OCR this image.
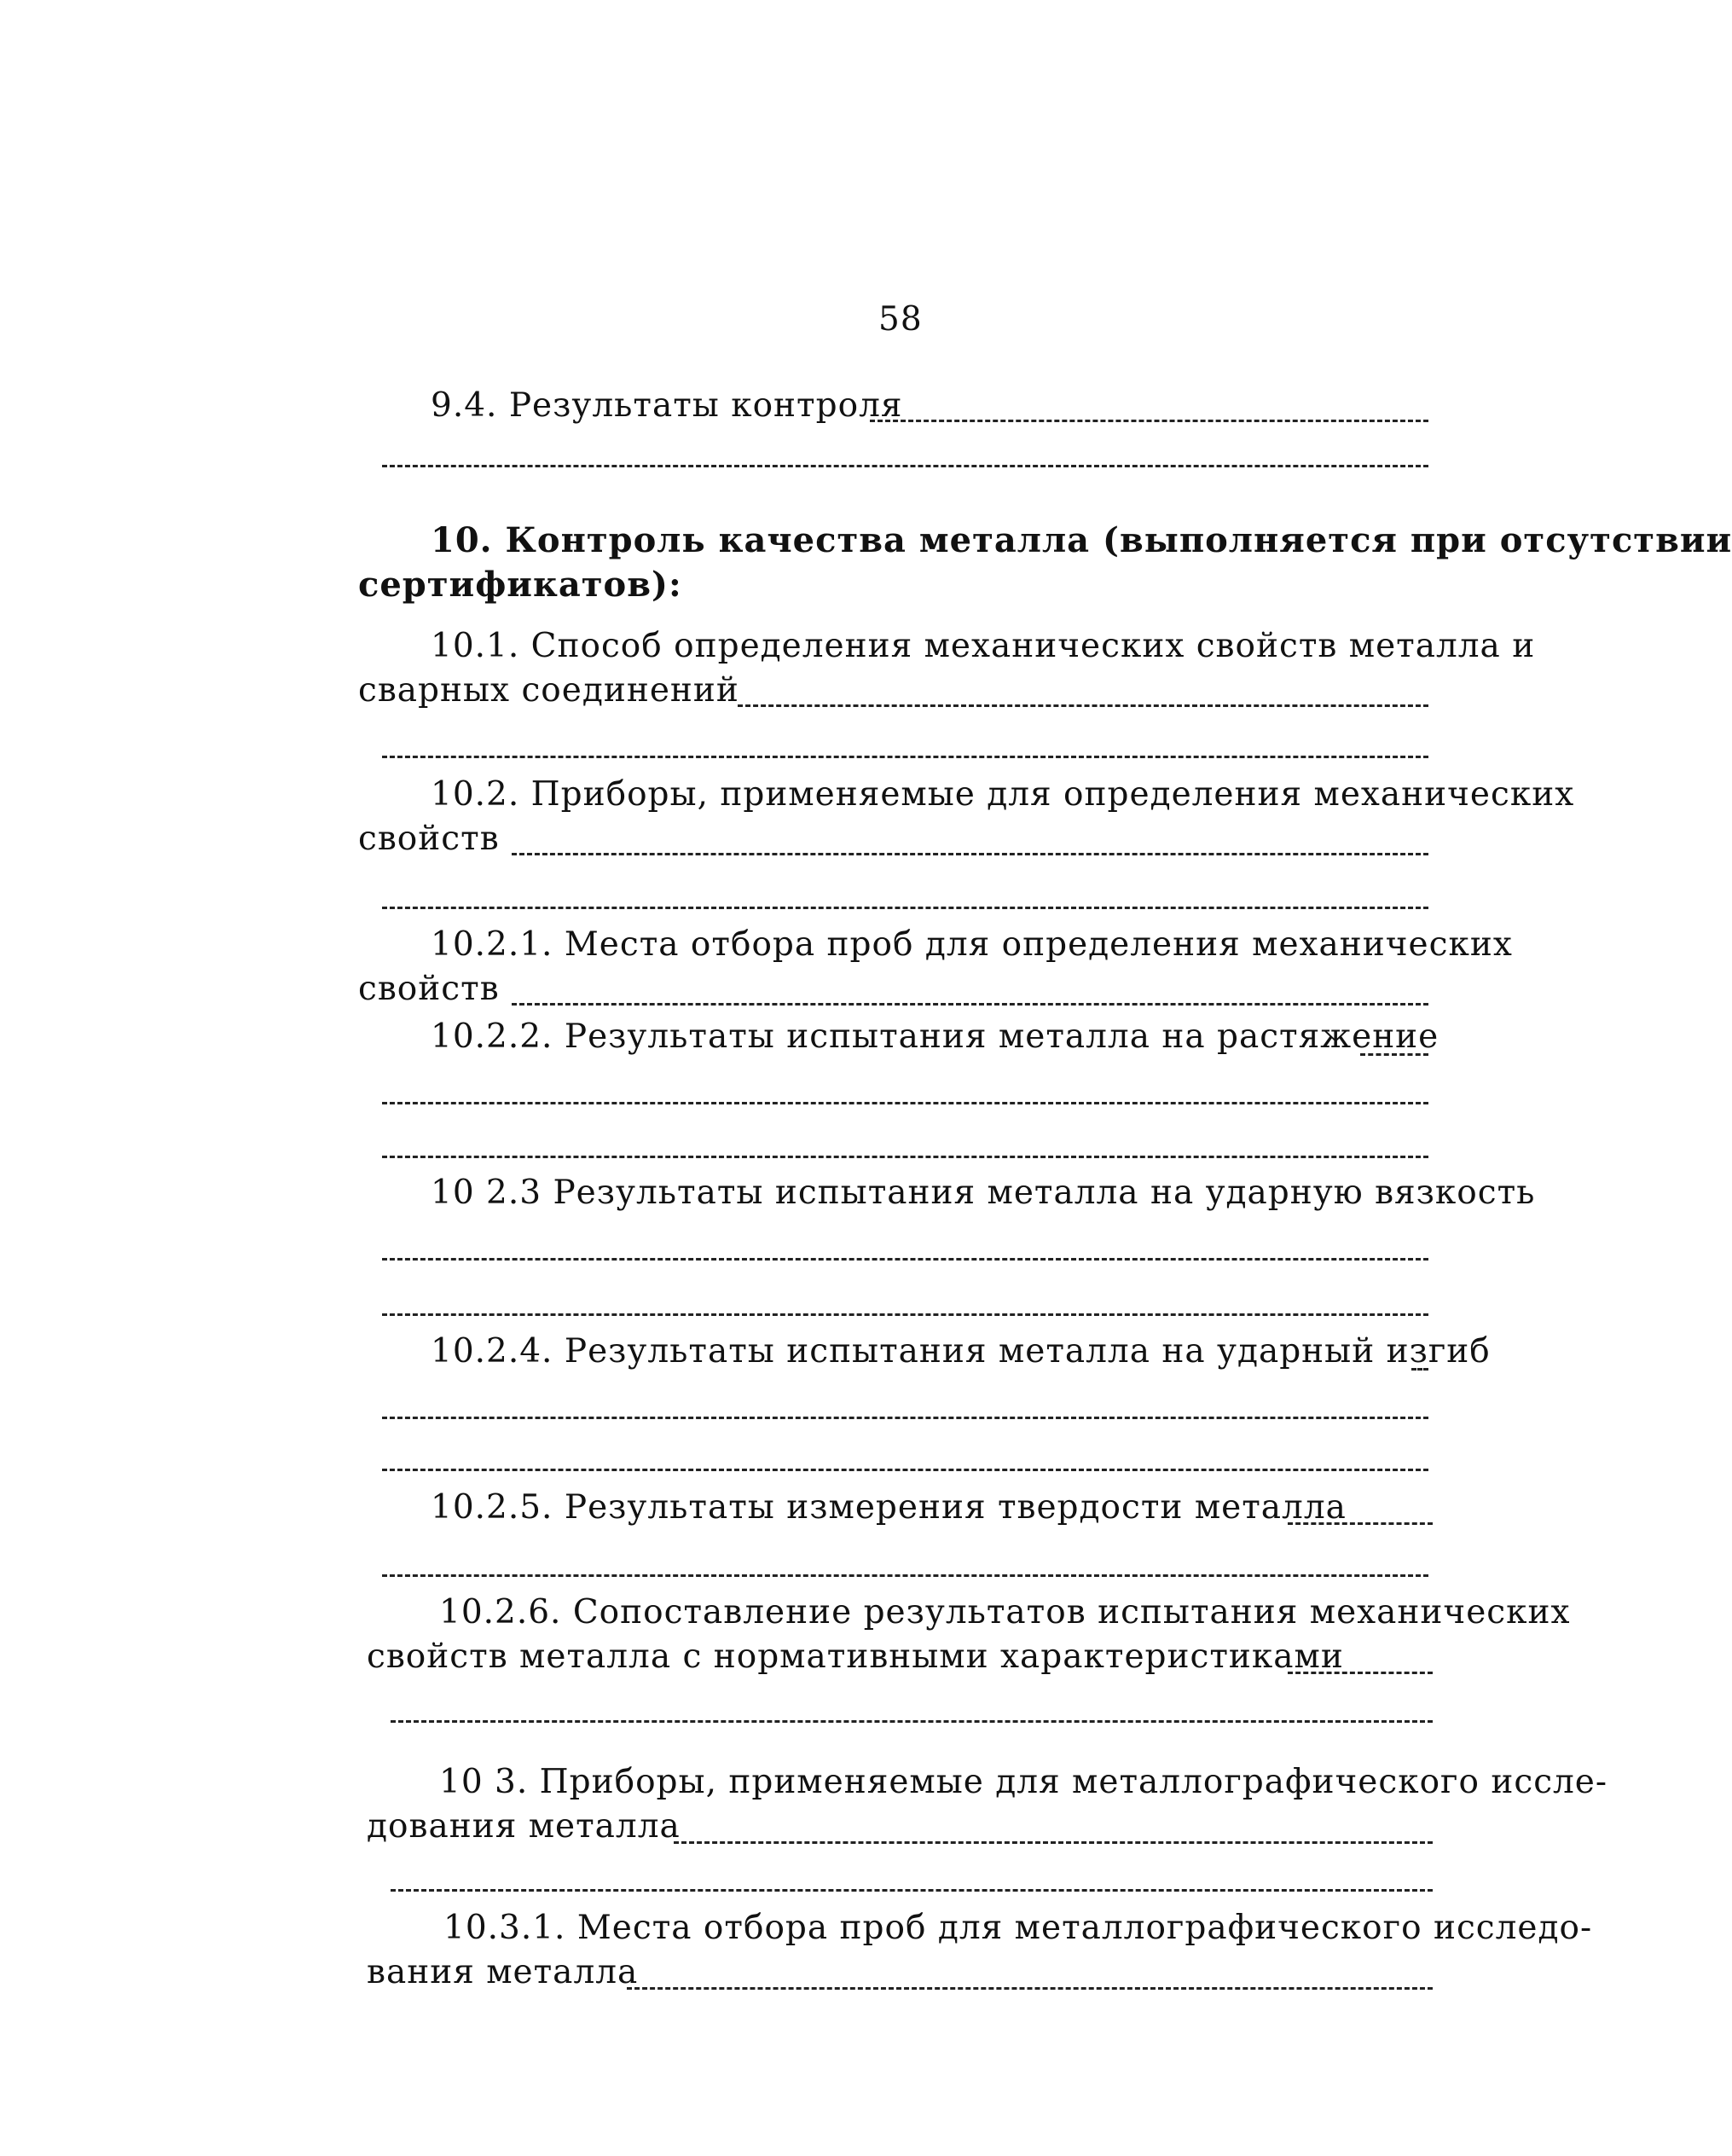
58
9.4. Результаты контроля
10. Контроль качества металла (выполняется при отсутствии
сертификатов):
10.1. Способ определения механических свойств металла и
сварных соединений
10.2. Приборы, применяемые для определения механических
свойств
10.2.1. Места отбора проб для определения механических
свойств
10.2.2. Результаты испытания металла на растяжение
10 2.3 Результаты испытания металла на ударную вязкость
10.2.4. Результаты испытания металла на ударный изгиб
10.2.5. Результаты измерения твердости металла
10.2.6. Сопоставление результатов испытания механических
свойств металла с нормативными характеристиками
10 3. Приборы, применяемые для металлографического иссле-
дования металла
10.3.1. Места отбора проб для металлографического исследо-
вания металла
